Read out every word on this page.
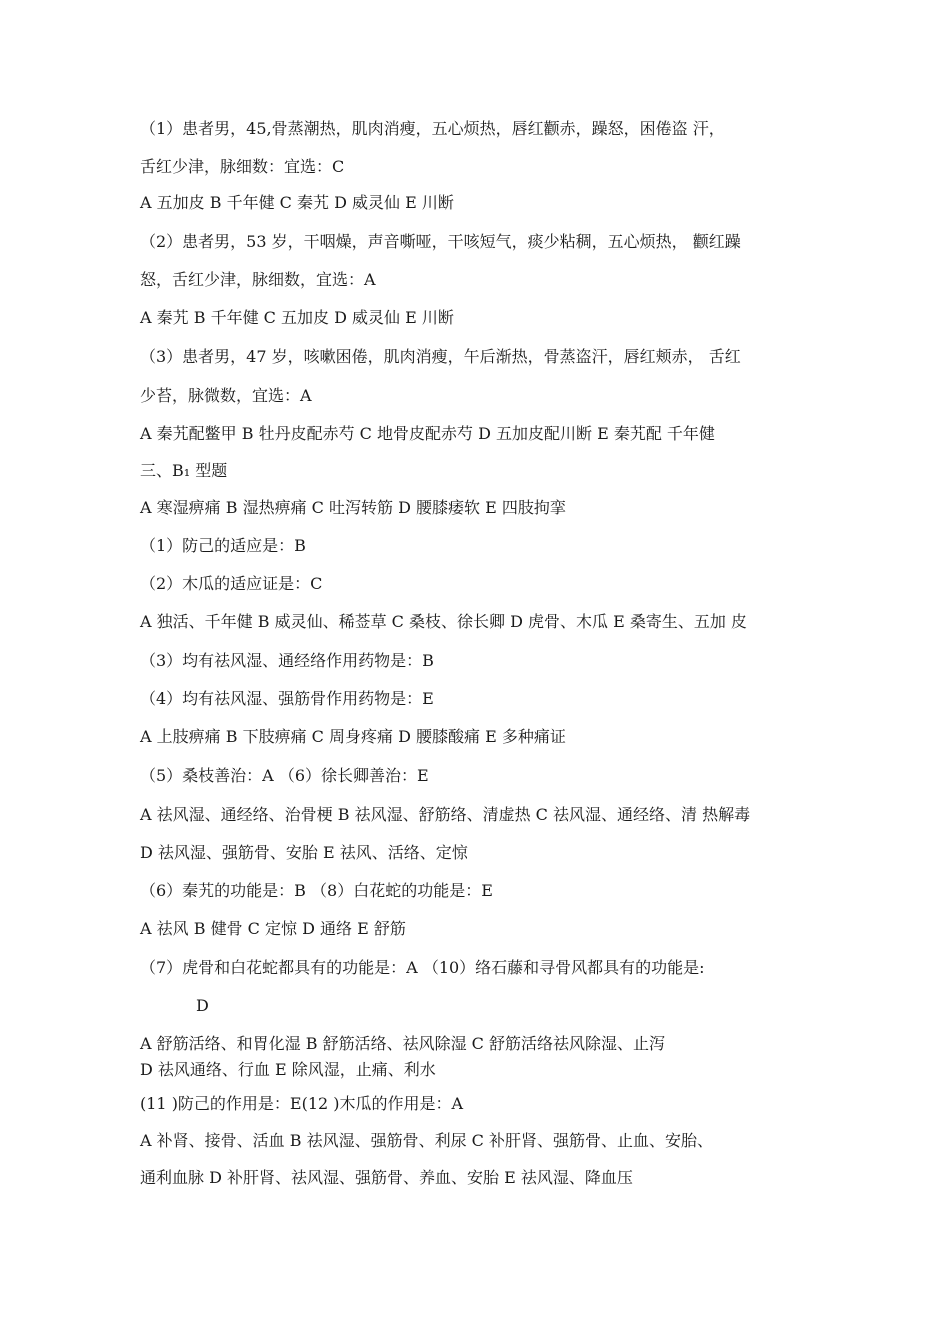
（1）患者男，45,骨蒸潮热，肌肉消瘦，五心烦热，唇红颧赤，躁怒，困倦盗 汗，
舌红少津，脉细数：宜选：C
A 五加皮 B 千年健 C 秦艽 D 威灵仙 E 川断
（2）患者男，53 岁，干咽燥，声音嘶哑，干咳短气，痰少粘稠，五心烦热， 颧红躁
怒，舌红少津，脉细数，宜选：A
A 秦艽 B 千年健 C 五加皮 D 威灵仙 E 川断
（3）患者男，47 岁，咳嗽困倦，肌肉消瘦，午后渐热，骨蒸盗汗，唇红颊赤， 舌红
少苔，脉微数，宜选：A
A 秦艽配鳖甲 B 牡丹皮配赤芍 C 地骨皮配赤芍 D 五加皮配川断 E 秦艽配 千年健
三、B₁ 型题
A 寒湿痹痛 B 湿热痹痛 C 吐泻转筋 D 腰膝痿软 E 四肢拘挛
（1）防己的适应是：B
（2）木瓜的适应证是：C
A 独活、千年健 B 威灵仙、稀莶草 C 桑枝、徐长卿 D 虎骨、木瓜 E 桑寄生、五加 皮
（3）均有祛风湿、通经络作用药物是：B
（4）均有祛风湿、强筋骨作用药物是：E
A 上肢痹痛 B 下肢痹痛 C 周身疼痛 D 腰膝酸痛 E 多种痛证
（5）桑枝善治：A （6）徐长卿善治：E
A 祛风湿、通经络、治骨梗 B 祛风湿、舒筋络、清虚热 C 祛风湿、通经络、清 热解毒
D 祛风湿、强筋骨、安胎 E 祛风、活络、定惊
（6）秦艽的功能是：B （8）白花蛇的功能是：E
A 祛风 B 健骨 C 定惊 D 通络 E 舒筋
（7）虎骨和白花蛇都具有的功能是：A （10）络石藤和寻骨风都具有的功能是:
D
A 舒筋活络、和胃化湿 B 舒筋活络、祛风除湿 C 舒筋活络祛风除湿、止泻
D 祛风通络、行血 E 除风湿，止痛、利水
(11 )防己的作用是：E(12 )木瓜的作用是：A
A 补肾、接骨、活血 B 祛风湿、强筋骨、利尿 C 补肝肾、强筋骨、止血、安胎、
通利血脉 D 补肝肾、祛风湿、强筋骨、养血、安胎 E 祛风湿、降血压
